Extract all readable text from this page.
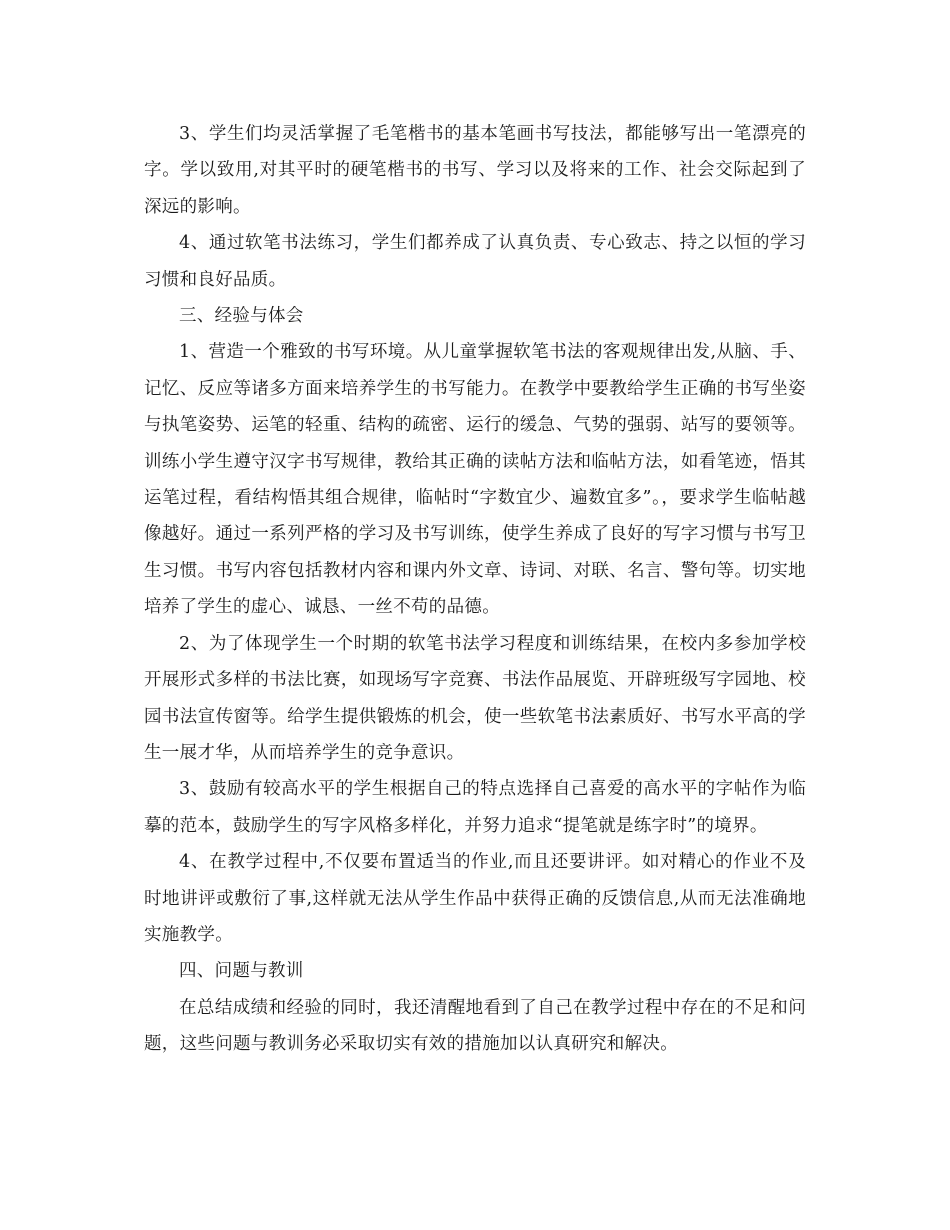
3、学生们均灵活掌握了毛笔楷书的基本笔画书写技法，都能够写出一笔漂亮的字。学以致用,对其平时的硬笔楷书的书写、学习以及将来的工作、社会交际起到了深远的影响。

4、通过软笔书法练习，学生们都养成了认真负责、专心致志、持之以恒的学习习惯和良好品质。

三、经验与体会

1、营造一个雅致的书写环境。从儿童掌握软笔书法的客观规律出发,从脑、手、记忆、反应等诸多方面来培养学生的书写能力。在教学中要教给学生正确的书写坐姿与执笔姿势、运笔的轻重、结构的疏密、运行的缓急、气势的强弱、站写的要领等。训练小学生遵守汉字书写规律，教给其正确的读帖方法和临帖方法，如看笔迹，悟其运笔过程，看结构悟其组合规律，临帖时“字数宜少、遍数宜多”。，要求学生临帖越像越好。通过一系列严格的学习及书写训练，使学生养成了良好的写字习惯与书写卫生习惯。书写内容包括教材内容和课内外文章、诗词、对联、名言、警句等。切实地培养了学生的虚心、诚恳、一丝不苟的品德。

2、为了体现学生一个时期的软笔书法学习程度和训练结果，在校内多参加学校开展形式多样的书法比赛，如现场写字竞赛、书法作品展览、开辟班级写字园地、校园书法宣传窗等。给学生提供锻炼的机会，使一些软笔书法素质好、书写水平高的学生一展才华，从而培养学生的竞争意识。

3、鼓励有较高水平的学生根据自己的特点选择自己喜爱的高水平的字帖作为临摹的范本，鼓励学生的写字风格多样化，并努力追求“提笔就是练字时”的境界。

4、在教学过程中,不仅要布置适当的作业,而且还要讲评。如对精心的作业不及时地讲评或敷衍了事,这样就无法从学生作品中获得正确的反馈信息,从而无法准确地实施教学。

四、问题与教训

在总结成绩和经验的同时，我还清醒地看到了自己在教学过程中存在的不足和问题，这些问题与教训务必采取切实有效的措施加以认真研究和解决。
